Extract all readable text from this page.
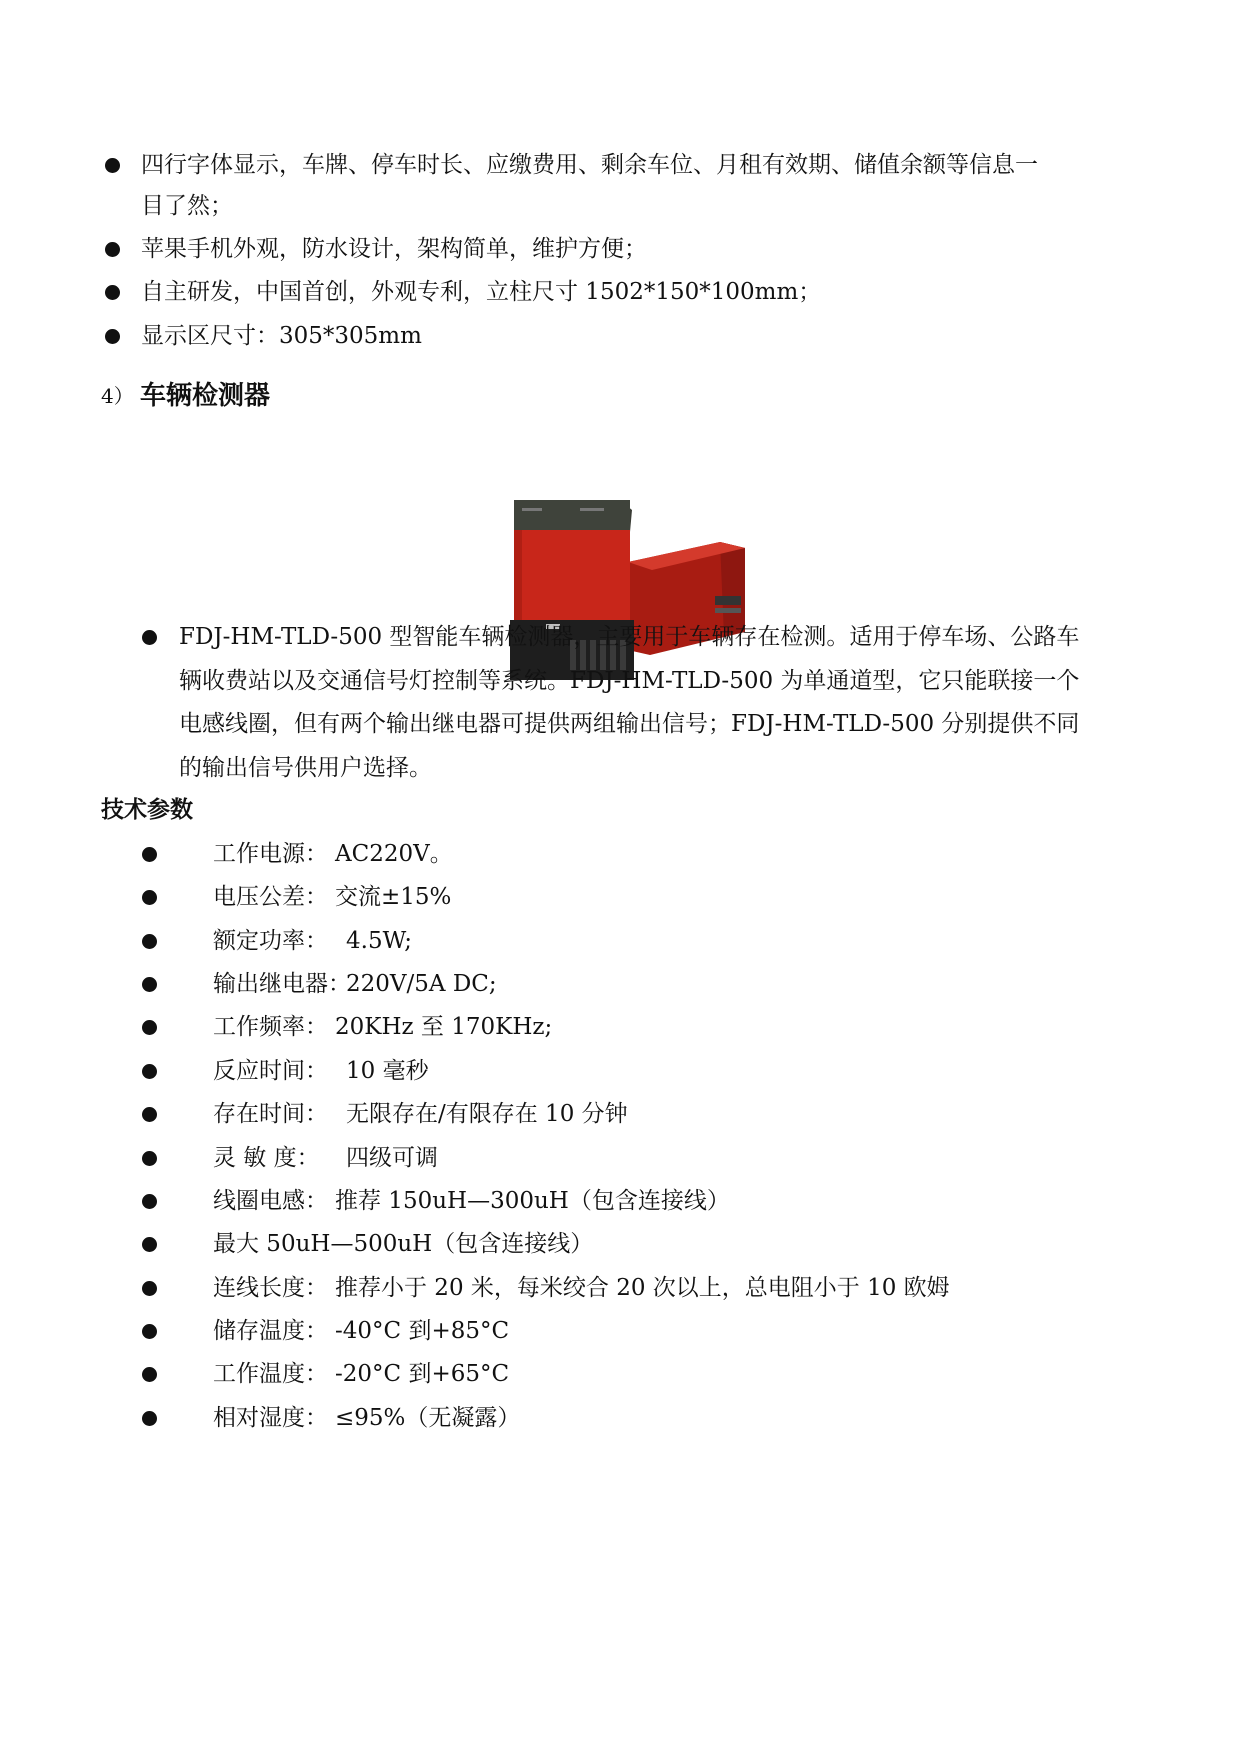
四行字体显示，车牌、停车时长、应缴费用、剩余车位、月租有效期、储值余额等信息一
目了然；
苹果手机外观，防水设计，架构简单，维护方便；
自主研发，中国首创，外观专利，立柱尺寸 1502*150*100mm；
显示区尺寸：305*305mm
4） 车辆检测器
FDJ-HM-TLD-500 型智能车辆检测器，主要用于车辆存在检测。适用于停车场、公路车
辆收费站以及交通信号灯控制等系统。FDJ-HM-TLD-500 为单通道型，它只能联接一个
电感线圈，但有两个输出继电器可提供两组输出信号；FDJ-HM-TLD-500 分别提供不同
的输出信号供用户选择。
技术参数
工作电源： AC220V。
电压公差： 交流±15%
额定功率： 4.5W;
输出继电器：
220V/5A DC;
工作频率： 20KHz 至 170KHz;
反应时间： 10 毫秒
存在时间： 无限存在/有限存在 10 分钟
灵 敏 度： 四级可调
线圈电感： 推荐 150uH—300uH（包含连接线）
最大 50uH—500uH（包含连接线）
连线长度： 推荐小于 20 米，每米绞合 20 次以上，总电阻小于 10 欧姆
储存温度： -40°C 到+85°C
工作温度： -20°C 到+65°C
相对湿度： ≤95%（无凝露）
